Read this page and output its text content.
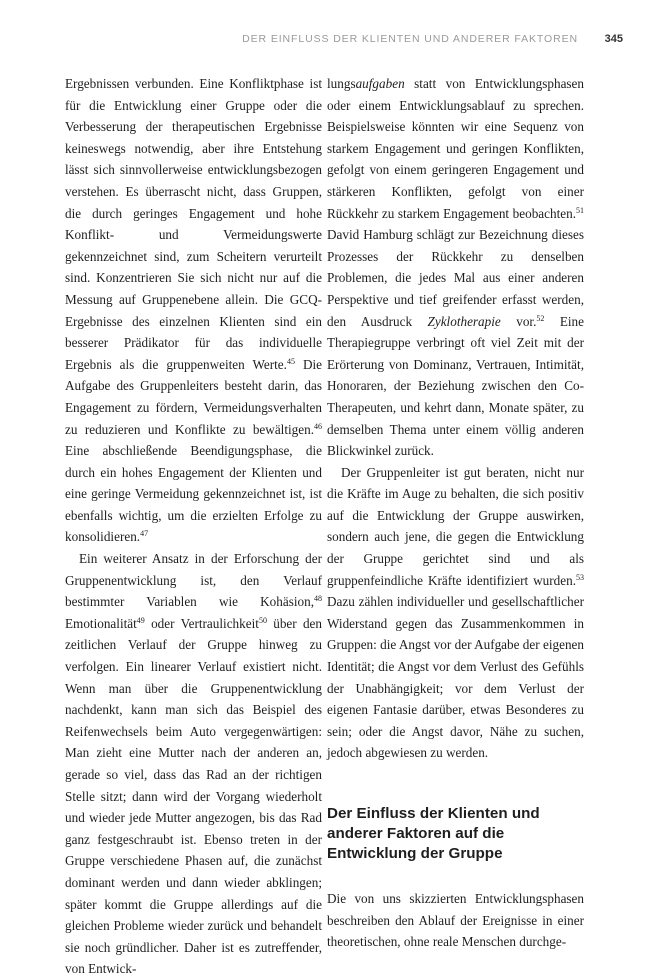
DER EINFLUSS DER KLIENTEN UND ANDERER FAKTOREN 345

Ergebnissen verbunden. Eine Konfliktphase ist für die Entwicklung einer Gruppe oder die Verbesserung der therapeutischen Ergebnisse keineswegs notwendig, aber ihre Entstehung lässt sich sinnvollerweise entwicklungsbezogen verstehen. Es überrascht nicht, dass Gruppen, die durch geringes Engagement und hohe Konflikt- und Vermeidungswerte gekennzeichnet sind, zum Scheitern verurteilt sind. Konzentrieren Sie sich nicht nur auf die Messung auf Gruppenebene allein. Die GCQ-Ergebnisse des einzelnen Klienten sind ein besserer Prädikator für das individuelle Ergebnis als die gruppenweiten Werte.$^{45}$ Die Aufgabe des Gruppenleiters besteht darin, das Engagement zu fördern, Vermeidungsverhalten zu reduzieren und Konflikte zu bewältigen.$^{46}$ Eine abschließende Beendigungsphase, die durch ein hohes Engagement der Klienten und eine geringe Vermeidung gekennzeichnet ist, ist ebenfalls wichtig, um die erzielten Erfolge zu konsolidieren.$^{47}$

Ein weiterer Ansatz in der Erforschung der Gruppenentwicklung ist, den Verlauf bestimmter Variablen wie Kohäsion,$^{48}$ Emotionalität$^{49}$ oder Vertraulichkeit$^{50}$ über den zeitlichen Verlauf der Gruppe hinweg zu verfolgen. Ein linearer Verlauf existiert nicht. Wenn man über die Gruppenentwicklung nachdenkt, kann man sich das Beispiel des Reifenwechsels beim Auto vergegenwärtigen: Man zieht eine Mutter nach der anderen an, gerade so viel, dass das Rad an der richtigen Stelle sitzt; dann wird der Vorgang wiederholt und wieder jede Mutter angezogen, bis das Rad ganz festgeschraubt ist. Ebenso treten in der Gruppe verschiedene Phasen auf, die zunächst dominant werden und dann wieder abklingen; später kommt die Gruppe allerdings auf die gleichen Probleme wieder zurück und behandelt sie noch gründlicher. Daher ist es zutreffender, von Entwick-

lungsaufgaben statt von Entwicklungsphasen oder einem Entwicklungsablauf zu sprechen. Beispielsweise könnten wir eine Sequenz von starkem Engagement und geringen Konflikten, gefolgt von einem geringeren Engagement und stärkeren Konflikten, gefolgt von einer Rückkehr zu starkem Engagement beobachten.$^{51}$ David Hamburg schlägt zur Bezeichnung dieses Prozesses der Rückkehr zu denselben Problemen, die jedes Mal aus einer anderen Perspektive und tief greifender erfasst werden, den Ausdruck Zyklotherapie vor.$^{52}$ Eine Therapiegruppe verbringt oft viel Zeit mit der Erörterung von Dominanz, Vertrauen, Intimität, Honoraren, der Beziehung zwischen den Co-Therapeuten, und kehrt dann, Monate später, zu demselben Thema unter einem völlig anderen Blickwinkel zurück.

Der Gruppenleiter ist gut beraten, nicht nur die Kräfte im Auge zu behalten, die sich positiv auf die Entwicklung der Gruppe auswirken, sondern auch jene, die gegen die Entwicklung der Gruppe gerichtet sind und als gruppenfeindliche Kräfte identifiziert wurden.$^{53}$ Dazu zählen individueller und gesellschaftlicher Widerstand gegen das Zusammenkommen in Gruppen: die Angst vor der Aufgabe der eigenen Identität; die Angst vor dem Verlust des Gefühls der Unabhängigkeit; vor dem Verlust der eigenen Fantasie darüber, etwas Besonderes zu sein; oder die Angst davor, Nähe zu suchen, jedoch abgewiesen zu werden.

Der Einfluss der Klienten und anderer Faktoren auf die Entwicklung der Gruppe

Die von uns skizzierten Entwicklungsphasen beschreiben den Ablauf der Ereignisse in einer theoretischen, ohne reale Menschen durchge-
